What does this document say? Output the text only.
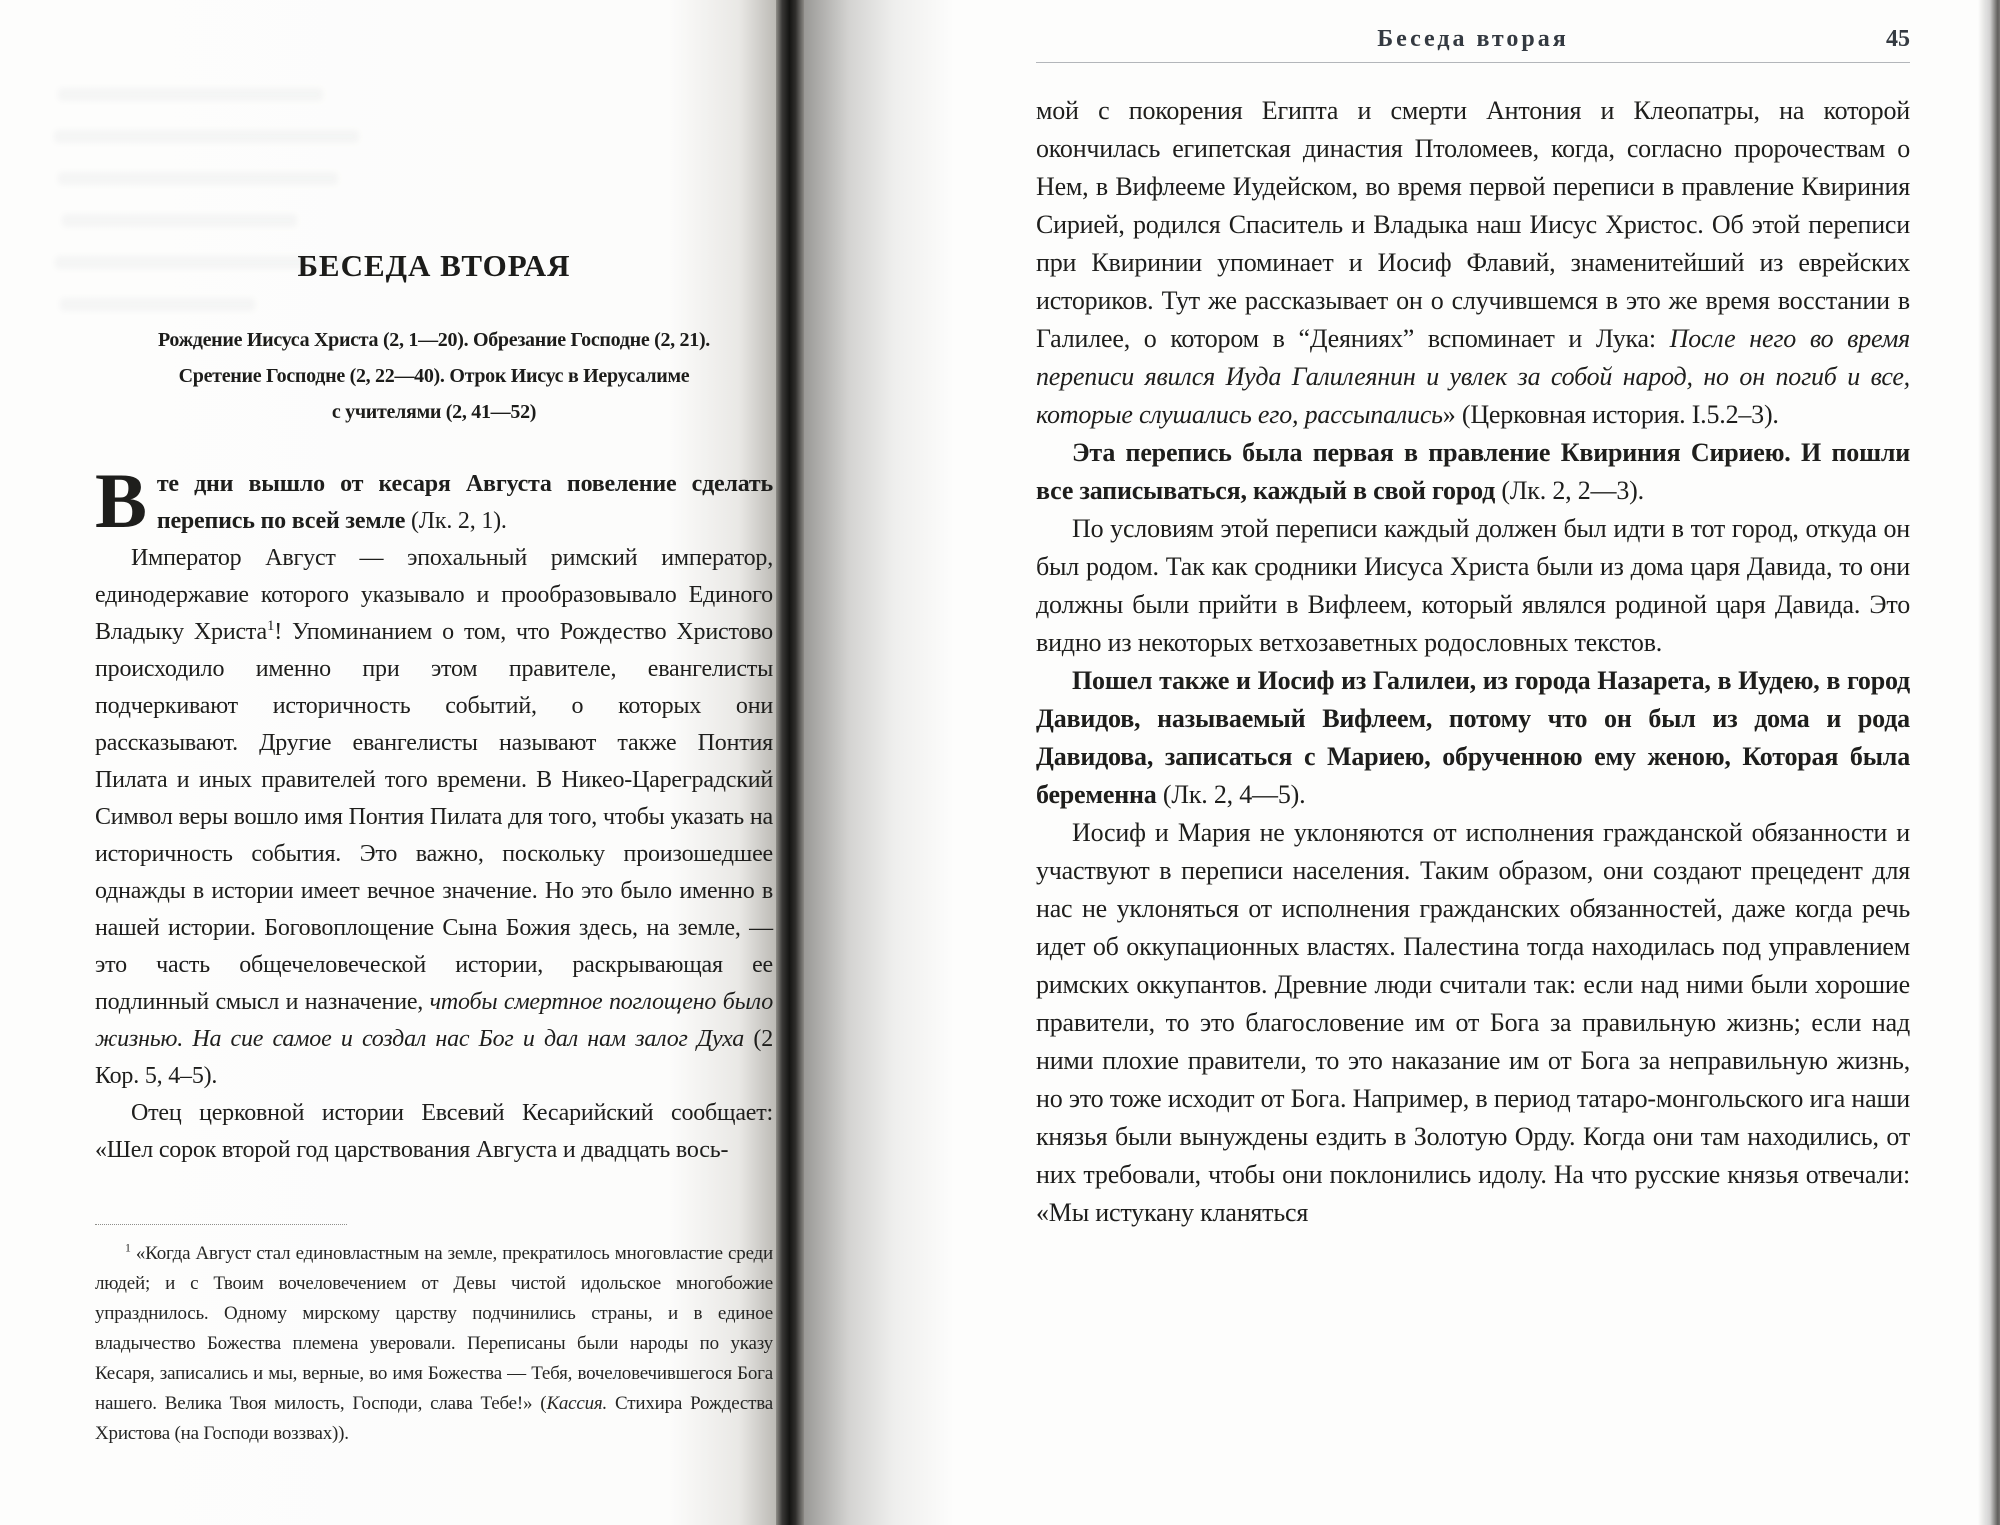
БЕСЕДА ВТОРАЯ
Рождение Иисуса Христа (2, 1—20). Обрезание Господне (2, 21).
Сретение Господне (2, 22—40). Отрок Иисус в Иерусалиме
с учителями (2, 41—52)

Вте дни вышло от кесаря Августа повеление сделать перепись по всей земле (Лк. 2, 1).

Император Август — эпохальный римский император, единодержавие которого указывало и прообразовывало Единого Владыку Христа$^1$! Упоминанием о том, что Рождество Христово происходило именно при этом правителе, евангелисты подчеркивают историчность событий, о которых они рассказывают. Другие евангелисты называют также Понтия Пилата и иных правителей того времени. В Никео-Цареградский Символ веры вошло имя Понтия Пилата для того, чтобы указать на историчность события. Это важно, поскольку произошедшее однажды в истории имеет вечное значение. Но это было именно в нашей истории. Боговоплощение Сына Божия здесь, на земле, — это часть общечеловеческой истории, раскрывающая ее подлинный смысл и назначение, чтобы смертное поглощено было жизнью. На сие самое и создал нас Бог и дал нам залог Духа (2 Кор. 5, 4–5).

Отец церковной истории Евсевий Кесарийский сообщает: «Шел сорок второй год царствования Августа и двадцать вось-

$^1$ «Когда Август стал единовластным на земле, прекратилось многовластие среди людей; и с Твоим вочеловечением от Девы чистой идольское многобожие упразднилось. Одному мирскому царству подчинились страны, и в единое владычество Божества племена уверовали. Переписаны были народы по указу Кесаря, записались и мы, верные, во имя Божества — Тебя, вочеловечившегося Бога нашего. Велика Твоя милость, Господи, слава Тебе!» (Кассия. Стихира Рождества Христова (на Господи воззвах)).

Беседа вторая	45

мой с покорения Египта и смерти Антония и Клеопатры, на которой окончилась египетская династия Птоломеев, когда, согласно пророчествам о Нем, в Вифлееме Иудейском, во время первой переписи в правление Квириния Сирией, родился Спаситель и Владыка наш Иисус Христос. Об этой переписи при Квиринии упоминает и Иосиф Флавий, знаменитейший из еврейских историков. Тут же рассказывает он о случившемся в это же время восстании в Галилее, о котором в “Деяниях” вспоминает и Лука: После него во время переписи явился Иуда Галилеянин и увлек за собой народ, но он погиб и все, которые слушались его, рассыпались» (Церковная история. I.5.2–3).

Эта перепись была первая в правление Квириния Сириею. И пошли все записываться, каждый в свой город (Лк. 2, 2—3).

По условиям этой переписи каждый должен был идти в тот город, откуда он был родом. Так как сродники Иисуса Христа были из дома царя Давида, то они должны были прийти в Вифлеем, который являлся родиной царя Давида. Это видно из некоторых ветхозаветных родословных текстов.

Пошел также и Иосиф из Галилеи, из города Назарета, в Иудею, в город Давидов, называемый Вифлеем, потому что он был из дома и рода Давидова, записаться с Мариею, обрученною ему женою, Которая была беременна (Лк. 2, 4—5).

Иосиф и Мария не уклоняются от исполнения гражданской обязанности и участвуют в переписи населения. Таким образом, они создают прецедент для нас не уклоняться от исполнения гражданских обязанностей, даже когда речь идет об оккупационных властях. Палестина тогда находилась под управлением римских оккупантов. Древние люди считали так: если над ними были хорошие правители, то это благословение им от Бога за правильную жизнь; если над ними плохие правители, то это наказание им от Бога за неправильную жизнь, но это тоже исходит от Бога. Например, в период татаро-монгольского ига наши князья были вынуждены ездить в Золотую Орду. Когда они там находились, от них требовали, чтобы они поклонились идолу. На что русские князья отвечали: «Мы истукану кланяться
